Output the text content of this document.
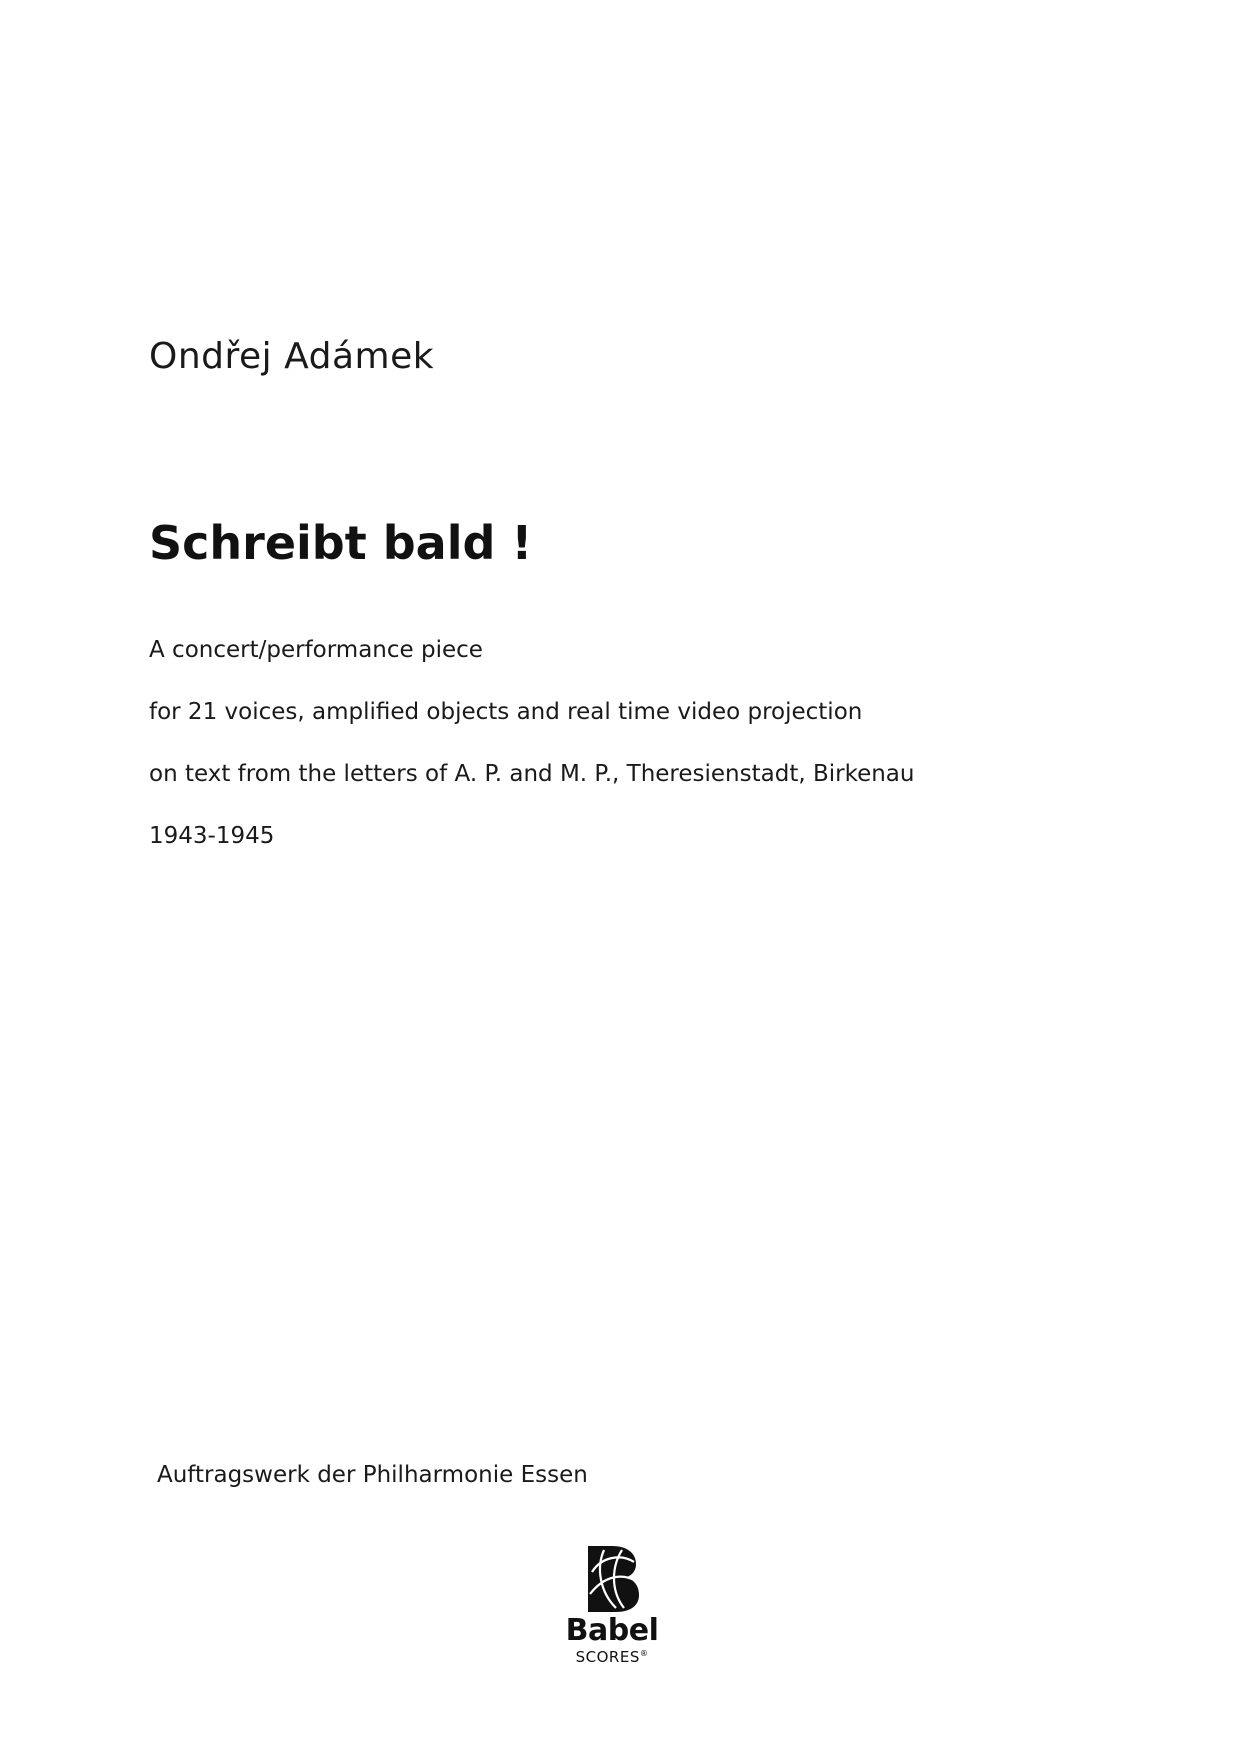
Ondřej Adámek
Schreibt bald !
A concert/performance piece
for 21 voices, amplified objects and real time video projection
on text from the letters of A. P. and M. P., Theresienstadt, Birkenau
1943-1945
Auftragswerk der Philharmonie Essen
Babel
SCORES®
